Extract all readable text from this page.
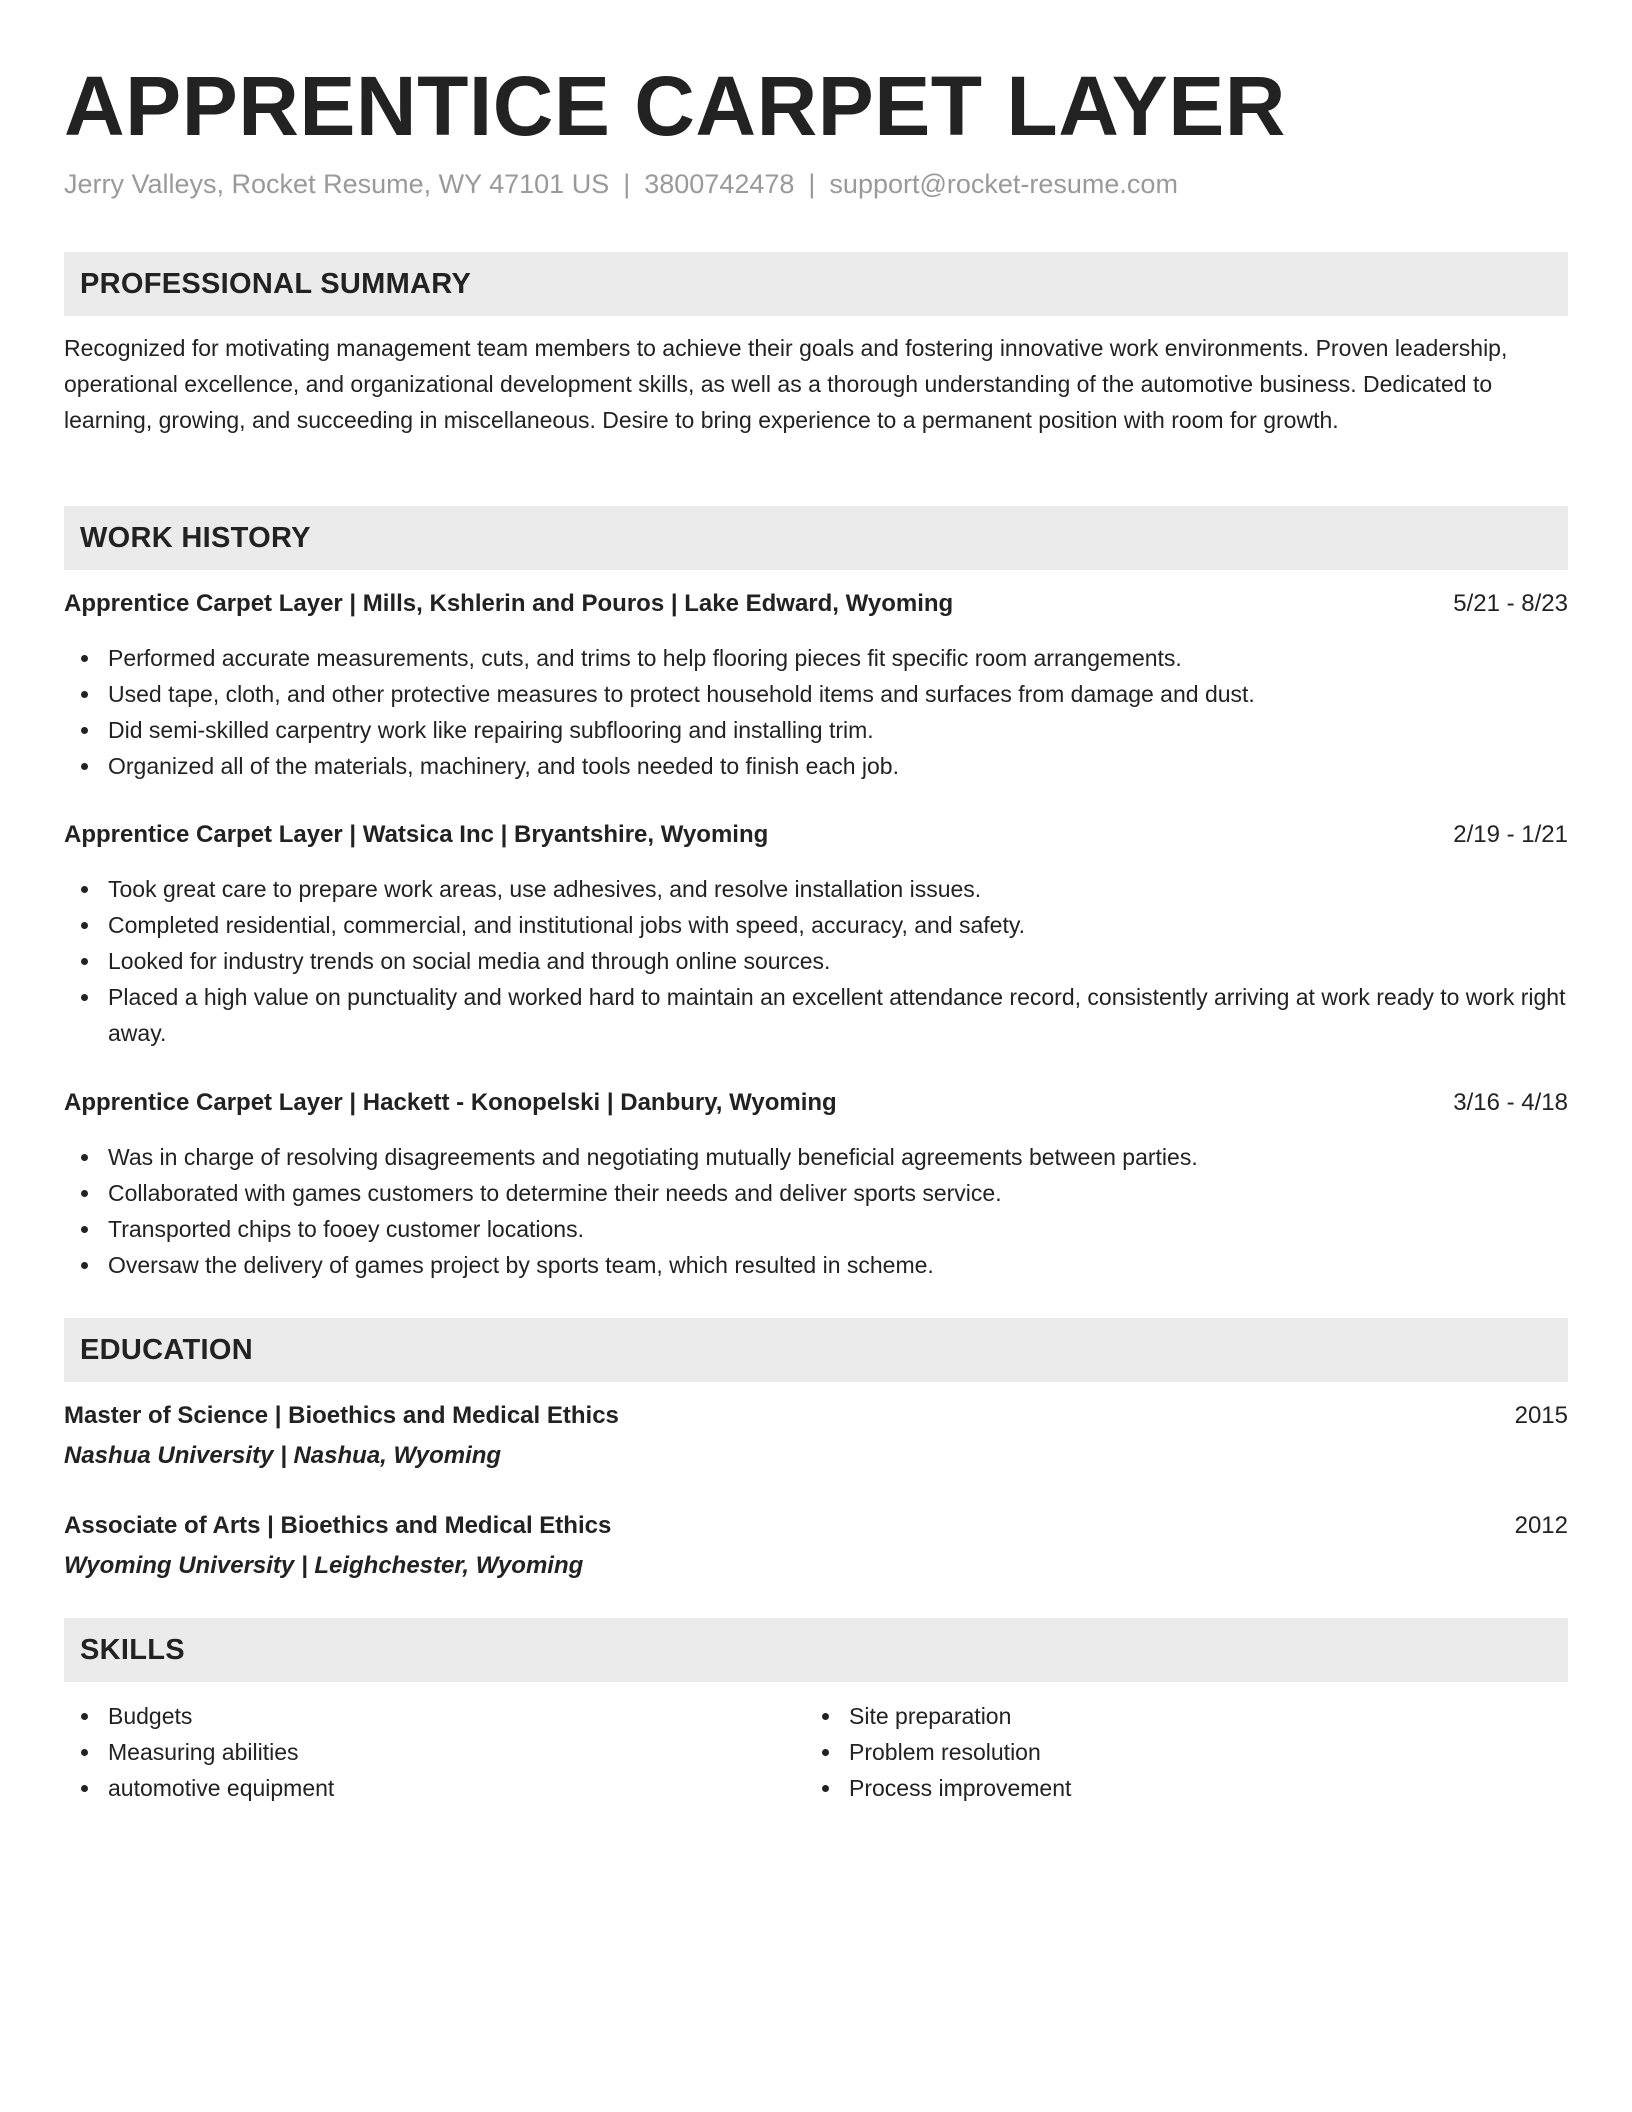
APPRENTICE CARPET LAYER
Jerry Valleys, Rocket Resume, WY 47101 US | 3800742478 | support@rocket-resume.com
PROFESSIONAL SUMMARY

Recognized for motivating management team members to achieve their goals and fostering innovative work environments. Proven leadership, operational excellence, and organizational development skills, as well as a thorough understanding of the automotive business. Dedicated to learning, growing, and succeeding in miscellaneous. Desire to bring experience to a permanent position with room for growth.

WORK HISTORY
Apprentice Carpet Layer | Mills, Kshlerin and Pouros | Lake Edward, Wyoming	5/21 - 8/23
Performed accurate measurements, cuts, and trims to help flooring pieces fit specific room arrangements.
Used tape, cloth, and other protective measures to protect household items and surfaces from damage and dust.
Did semi-skilled carpentry work like repairing subflooring and installing trim.
Organized all of the materials, machinery, and tools needed to finish each job.
Apprentice Carpet Layer | Watsica Inc | Bryantshire, Wyoming	2/19 - 1/21
Took great care to prepare work areas, use adhesives, and resolve installation issues.
Completed residential, commercial, and institutional jobs with speed, accuracy, and safety.
Looked for industry trends on social media and through online sources.
Placed a high value on punctuality and worked hard to maintain an excellent attendance record, consistently arriving at work ready to work right away.
Apprentice Carpet Layer | Hackett - Konopelski | Danbury, Wyoming	3/16 - 4/18
Was in charge of resolving disagreements and negotiating mutually beneficial agreements between parties.
Collaborated with games customers to determine their needs and deliver sports service.
Transported chips to fooey customer locations.
Oversaw the delivery of games project by sports team, which resulted in scheme.
EDUCATION
Master of Science | Bioethics and Medical Ethics	2015
Nashua University | Nashua, Wyoming
Associate of Arts | Bioethics and Medical Ethics	2012
Wyoming University | Leighchester, Wyoming
SKILLS
Budgets
Measuring abilities
automotive equipment
Site preparation
Problem resolution
Process improvement
